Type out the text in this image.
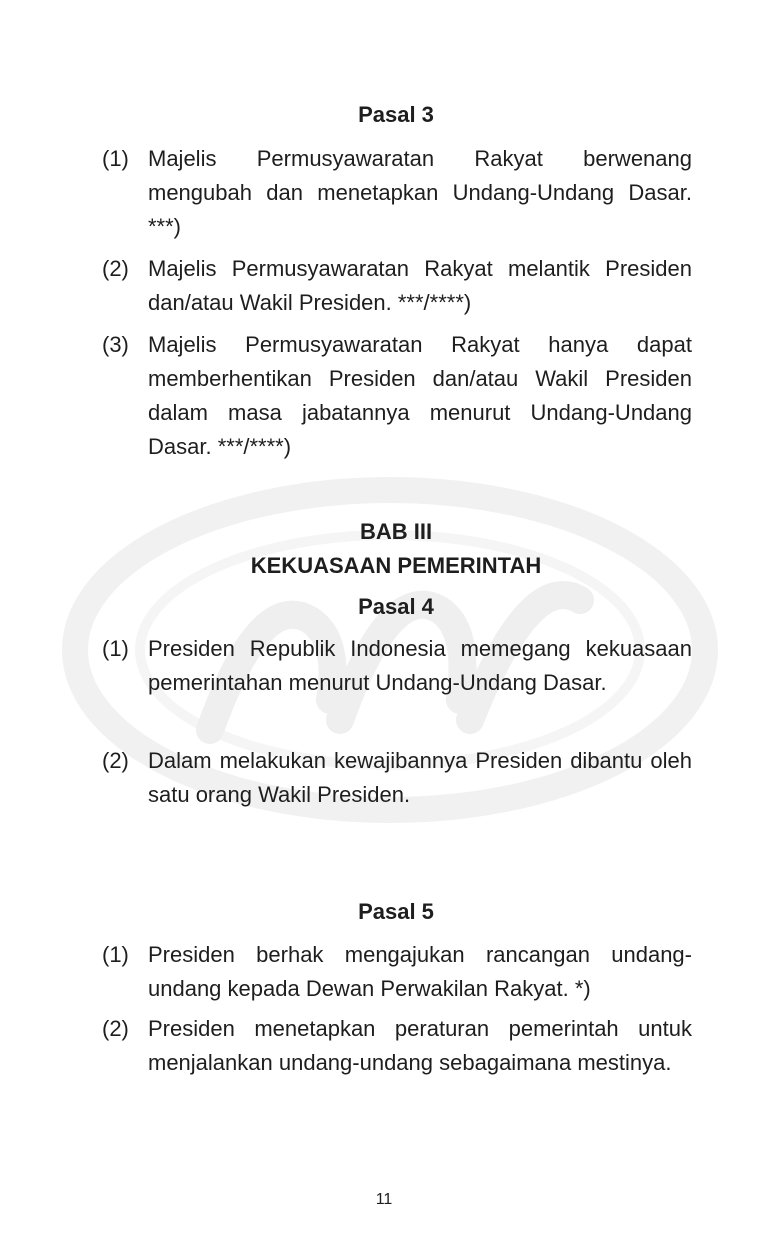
Pasal 3
(1) Majelis Permusyawaratan Rakyat berwenang mengubah dan menetapkan Undang-Undang Dasar. ***)
(2) Majelis Permusyawaratan Rakyat melantik Presiden dan/atau Wakil Presiden. ***/****)
(3) Majelis Permusyawaratan Rakyat hanya dapat memberhentikan Presiden dan/atau Wakil Presiden dalam masa jabatannya menurut Undang-Undang Dasar. ***/****)
BAB III
KEKUASAAN PEMERINTAH
Pasal 4
(1) Presiden Republik Indonesia memegang kekuasaan pemerintahan menurut Undang-Undang Dasar.
(2) Dalam melakukan kewajibannya Presiden dibantu oleh satu orang Wakil Presiden.
Pasal 5
(1) Presiden berhak mengajukan rancangan undang-undang kepada Dewan Perwakilan Rakyat. *)
(2) Presiden menetapkan peraturan pemerintah untuk menjalankan undang-undang sebagaimana mestinya.
11
